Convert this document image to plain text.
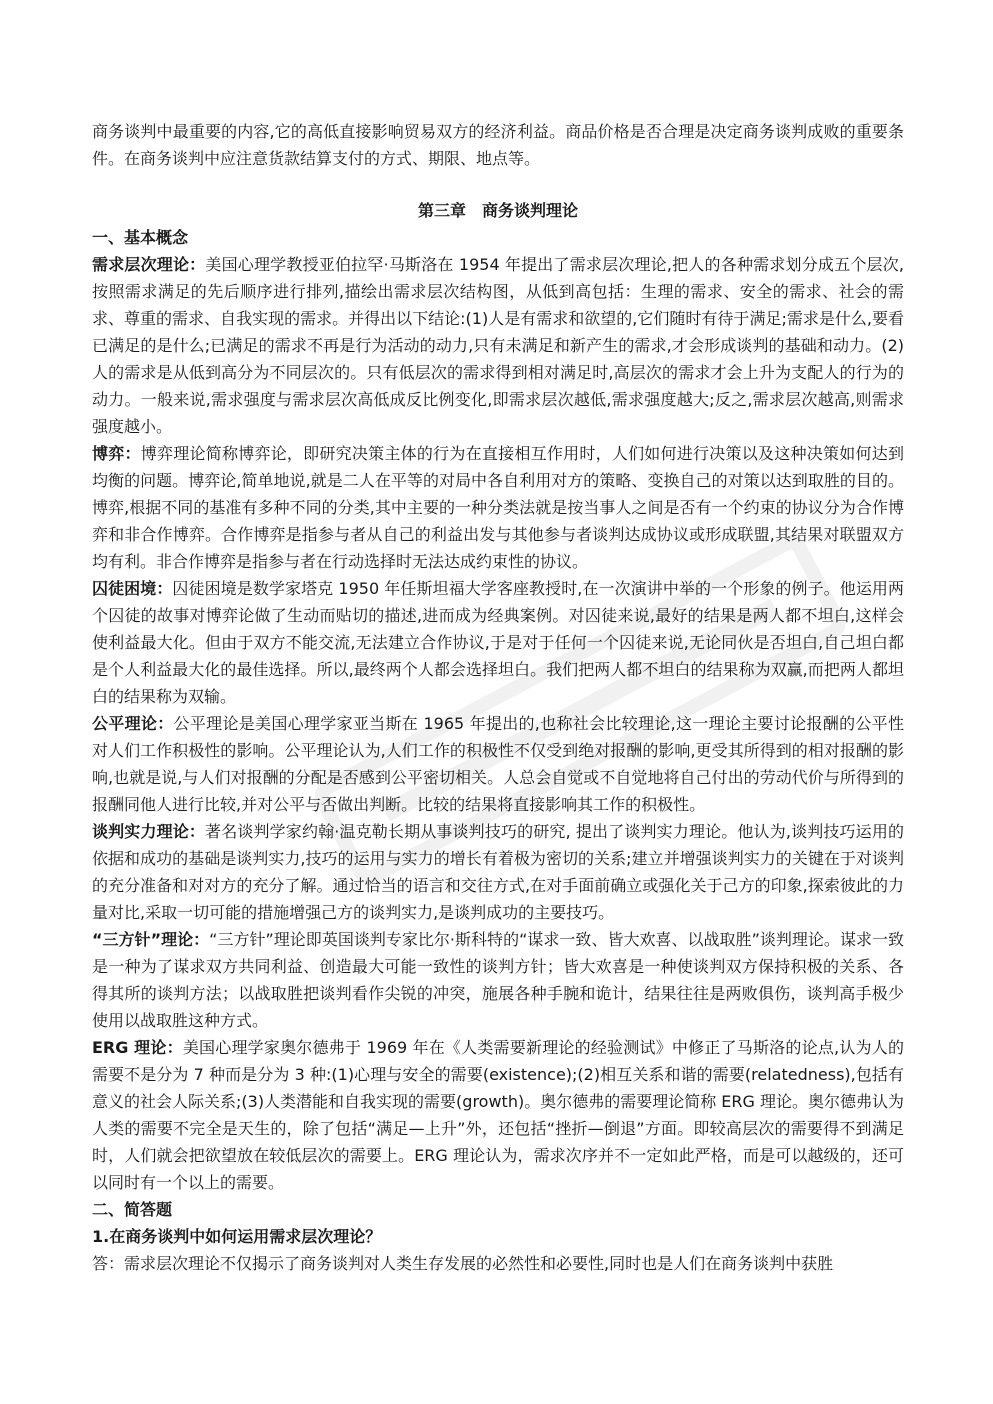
商务谈判中最重要的内容,它的高低直接影响贸易双方的经济利益。商品价格是否合理是决定商务谈判成败的重要条件。在商务谈判中应注意货款结算支付的方式、期限、地点等。

第三章　商务谈判理论

一、基本概念

需求层次理论：美国心理学教授亚伯拉罕·马斯洛在 1954 年提出了需求层次理论,把人的各种需求划分成五个层次,按照需求满足的先后顺序进行排列,描绘出需求层次结构图，从低到高包括：生理的需求、安全的需求、社会的需求、尊重的需求、自我实现的需求。并得出以下结论:(1)人是有需求和欲望的,它们随时有待于满足;需求是什么,要看已满足的是什么;已满足的需求不再是行为活动的动力,只有未满足和新产生的需求,才会形成谈判的基础和动力。(2)人的需求是从低到高分为不同层次的。只有低层次的需求得到相对满足时,高层次的需求才会上升为支配人的行为的动力。一般来说,需求强度与需求层次高低成反比例变化,即需求层次越低,需求强度越大;反之,需求层次越高,则需求强度越小。

博弈：博弈理论简称博弈论，即研究决策主体的行为在直接相互作用时，人们如何进行决策以及这种决策如何达到均衡的问题。博弈论,简单地说,就是二人在平等的对局中各自利用对方的策略、变换自己的对策以达到取胜的目的。博弈,根据不同的基准有多种不同的分类,其中主要的一种分类法就是按当事人之间是否有一个约束的协议分为合作博弈和非合作博弈。合作博弈是指参与者从自己的利益出发与其他参与者谈判达成协议或形成联盟,其结果对联盟双方均有利。非合作博弈是指参与者在行动选择时无法达成约束性的协议。

囚徒困境：囚徒困境是数学家塔克 1950 年任斯坦福大学客座教授时,在一次演讲中举的一个形象的例子。他运用两个囚徒的故事对博弈论做了生动而贴切的描述,进而成为经典案例。对囚徒来说,最好的结果是两人都不坦白,这样会使利益最大化。但由于双方不能交流,无法建立合作协议,于是对于任何一个囚徒来说,无论同伙是否坦白,自己坦白都是个人利益最大化的最佳选择。所以,最终两个人都会选择坦白。我们把两人都不坦白的结果称为双赢,而把两人都坦白的结果称为双输。

公平理论：公平理论是美国心理学家亚当斯在 1965 年提出的,也称社会比较理论,这一理论主要讨论报酬的公平性对人们工作积极性的影响。公平理论认为,人们工作的积极性不仅受到绝对报酬的影响,更受其所得到的相对报酬的影响,也就是说,与人们对报酬的分配是否感到公平密切相关。人总会自觉或不自觉地将自己付出的劳动代价与所得到的报酬同他人进行比较,并对公平与否做出判断。比较的结果将直接影响其工作的积极性。

谈判实力理论：著名谈判学家约翰·温克勒长期从事谈判技巧的研究, 提出了谈判实力理论。他认为,谈判技巧运用的依据和成功的基础是谈判实力,技巧的运用与实力的增长有着极为密切的关系;建立并增强谈判实力的关键在于对谈判的充分准备和对对方的充分了解。通过恰当的语言和交往方式,在对手面前确立或强化关于己方的印象,探索彼此的力量对比,采取一切可能的措施增强己方的谈判实力,是谈判成功的主要技巧。

“三方针”理论：“三方针”理论即英国谈判专家比尔·斯科特的“谋求一致、皆大欢喜、以战取胜”谈判理论。谋求一致是一种为了谋求双方共同利益、创造最大可能一致性的谈判方针；皆大欢喜是一种使谈判双方保持积极的关系、各得其所的谈判方法；以战取胜把谈判看作尖锐的冲突，施展各种手腕和诡计，结果往往是两败俱伤，谈判高手极少使用以战取胜这种方式。

ERG 理论：美国心理学家奥尔德弗于 1969 年在《人类需要新理论的经验测试》中修正了马斯洛的论点,认为人的需要不是分为 7 种而是分为 3 种:(1)心理与安全的需要(existence);(2)相互关系和谐的需要(relatedness),包括有意义的社会人际关系;(3)人类潜能和自我实现的需要(growth)。奥尔德弗的需要理论简称 ERG 理论。奥尔德弗认为人类的需要不完全是天生的，除了包括“满足—上升”外，还包括“挫折—倒退”方面。即较高层次的需要得不到满足时，人们就会把欲望放在较低层次的需要上。ERG 理论认为，需求次序并不一定如此严格，而是可以越级的，还可以同时有一个以上的需要。

二、简答题

1.在商务谈判中如何运用需求层次理论？

答：需求层次理论不仅揭示了商务谈判对人类生存发展的必然性和必要性,同时也是人们在商务谈判中获胜
